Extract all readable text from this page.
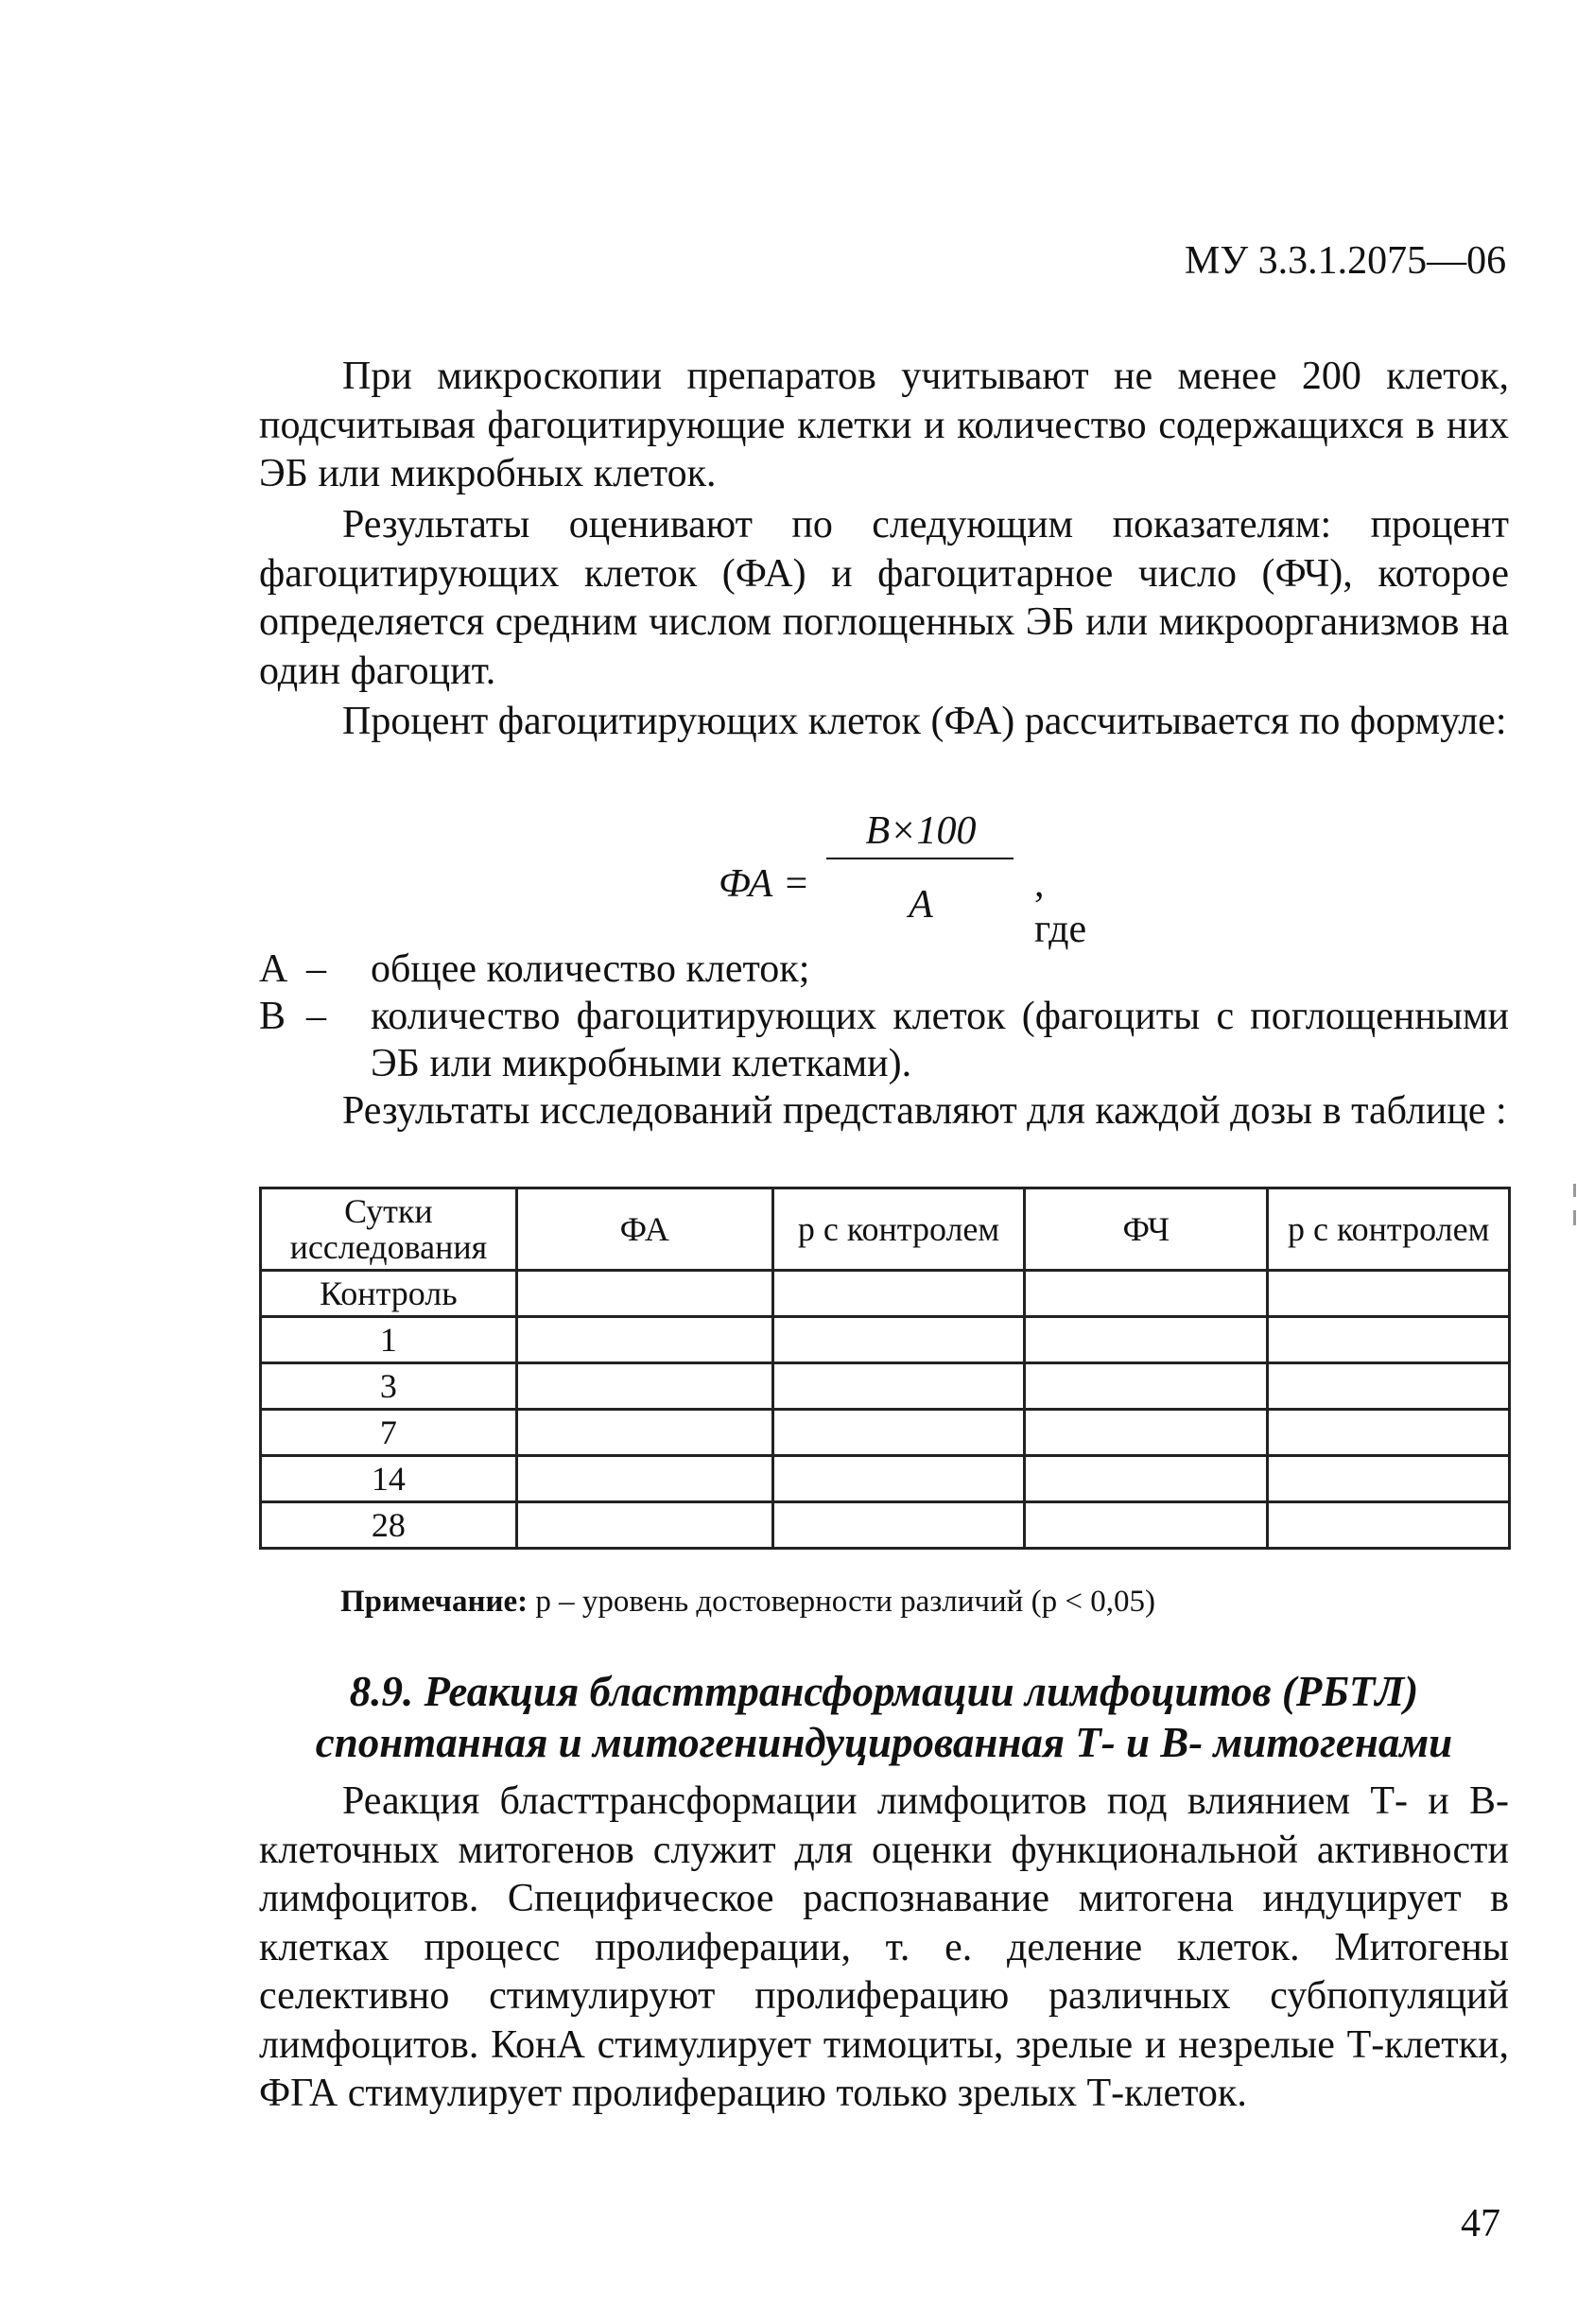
МУ 3.3.1.2075—06

При микроскопии препаратов учитывают не менее 200 клеток, подсчитывая фагоцитирующие клетки и количество содержащихся в них ЭБ или микробных клеток.

Результаты оценивают по следующим показателям: процент фагоцитирующих клеток (ФА) и фагоцитарное число (ФЧ), которое определяется средним числом поглощенных ЭБ или микроорганизмов на один фагоцит.

Процент фагоцитирующих клеток (ФА) рассчитывается по формуле:

ФА =
B×100
A	, где
А – общее количество клеток;
В – количество фагоцитирующих клеток (фагоциты с поглощенными ЭБ или микробными клетками).

Результаты исследований представляют для каждой дозы в таблице :

Сутки исследования	ФА	р с контролем	ФЧ	р с контролем
Контроль				
1				
3				
7				
14				
28				
Примечание: р – уровень достоверности различий (р < 0,05)
8.9. Реакция бласттрансформации лимфоцитов (РБТЛ)
спонтанная и митогениндуцированная Т- и В- митогенами

Реакция бласттрансформации лимфоцитов под влиянием Т- и В-клеточных митогенов служит для оценки функциональной активности лимфоцитов. Специфическое распознавание митогена индуцирует в клетках процесс пролиферации, т. е. деление клеток. Митогены селективно стимулируют пролиферацию различных субпопуляций лимфоцитов. КонА стимулирует тимоциты, зрелые и незрелые Т-клетки, ФГА стимулирует пролиферацию только зрелых Т-клеток.

47
